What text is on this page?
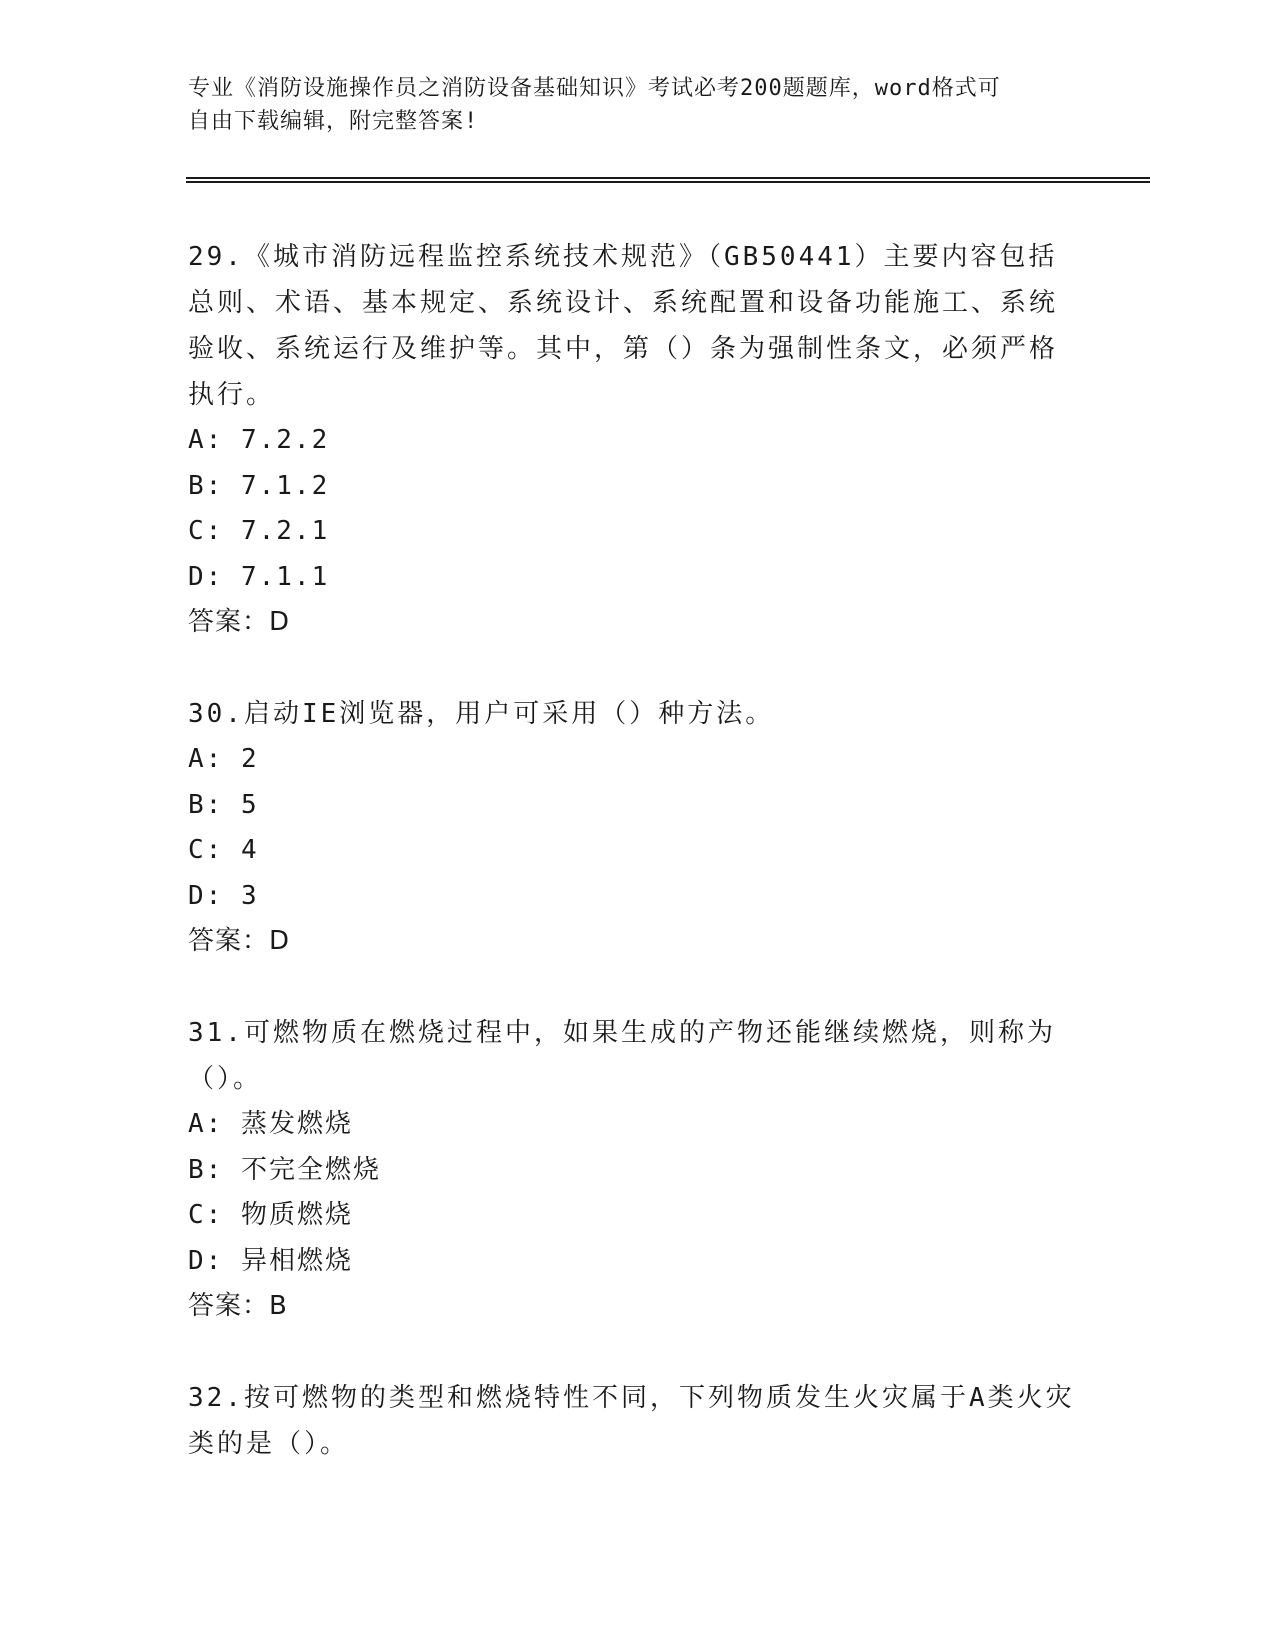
专业《消防设施操作员之消防设备基础知识》考试必考200题题库，word格式可
自由下载编辑，附完整答案!
29.《城市消防远程监控系统技术规范》（GB50441）主要内容包括总则、术语、基本规定、系统设计、系统配置和设备功能施工、系统验收、系统运行及维护等。其中，第（）条为强制性条文，必须严格执行。
A: 7.2.2
B: 7.1.2
C: 7.2.1
D: 7.1.1
答案：D
30.启动IE浏览器，用户可采用（）种方法。
A: 2
B: 5
C: 4
D: 3
答案：D
31.可燃物质在燃烧过程中，如果生成的产物还能继续燃烧，则称为（）。
A: 蒸发燃烧
B: 不完全燃烧
C: 物质燃烧
D: 异相燃烧
答案：B
32.按可燃物的类型和燃烧特性不同，下列物质发生火灾属于A类火灾类的是（）。
